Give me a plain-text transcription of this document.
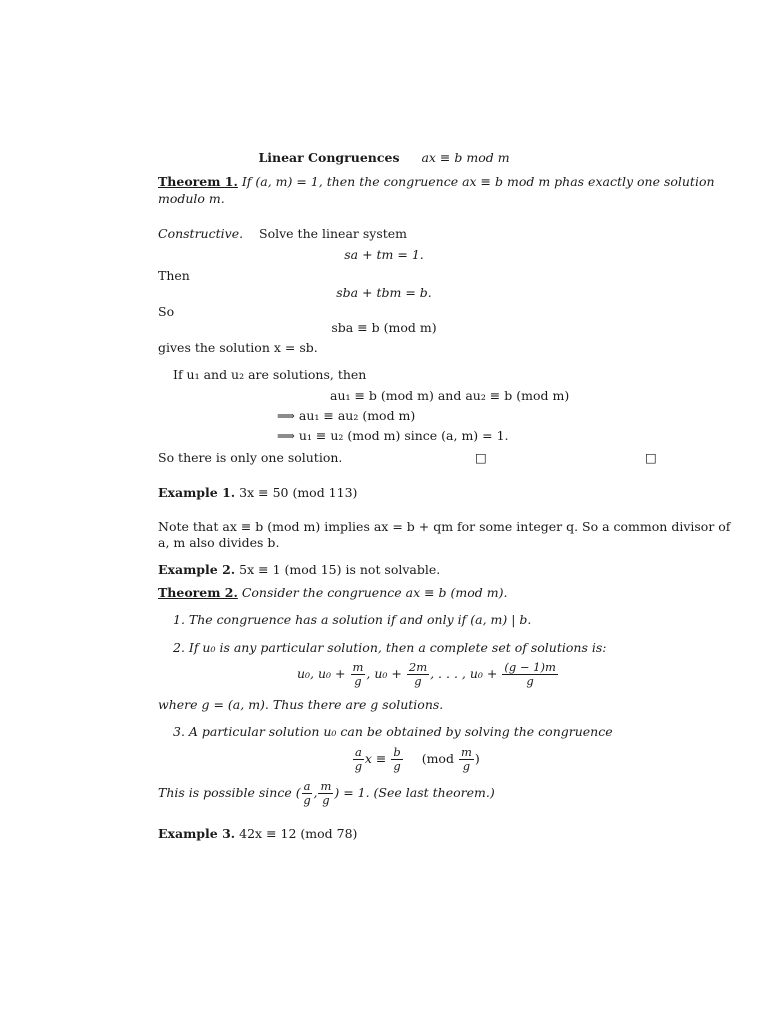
Linear Congruences ax ≡ b mod m
Theorem 1. If (a, m) = 1, then the congruence ax ≡ b mod m phas exactly one solution
modulo m.
Constructive. Solve the linear system
sa + tm = 1.
Then
sba + tbm = b.
So
sba ≡ b (mod m)
gives the solution x = sb.
If u₁ and u₂ are solutions, then
au₁ ≡ b (mod m) and au₂ ≡ b (mod m)
⟹ au₁ ≡ au₂ (mod m)
⟹ u₁ ≡ u₂ (mod m) since (a, m) = 1.
So there is only one solution.	□	□
Example 1. 3x ≡ 50 (mod 113)
Note that ax ≡ b (mod m) implies ax = b + qm for some integer q. So a common divisor of
a, m also divides b.
Example 2. 5x ≡ 1 (mod 15) is not solvable.
Theorem 2. Consider the congruence ax ≡ b (mod m).
1. The congruence has a solution if and only if (a, m) | b.
2. If u₀ is any particular solution, then a complete set of solutions is:
u₀, $u_0 + \frac{m}{g}$ , $u_0 + \frac{2m}{g}$ , . . . , $u_0 + \frac{(g - 1)m}{g}$
where g = (a, m). Thus there are g solutions.
3. A particular solution u₀ can be obtained by solving the congruence
$\frac{a}{g}$ $x \equiv \frac{b}{g} (mod \frac{m}{g}$ )
This is possible since ( $\frac{a}{g}$ , $\frac{m}{g}$ ) = 1. (See last theorem.)
Example 3. 42x ≡ 12 (mod 78)
